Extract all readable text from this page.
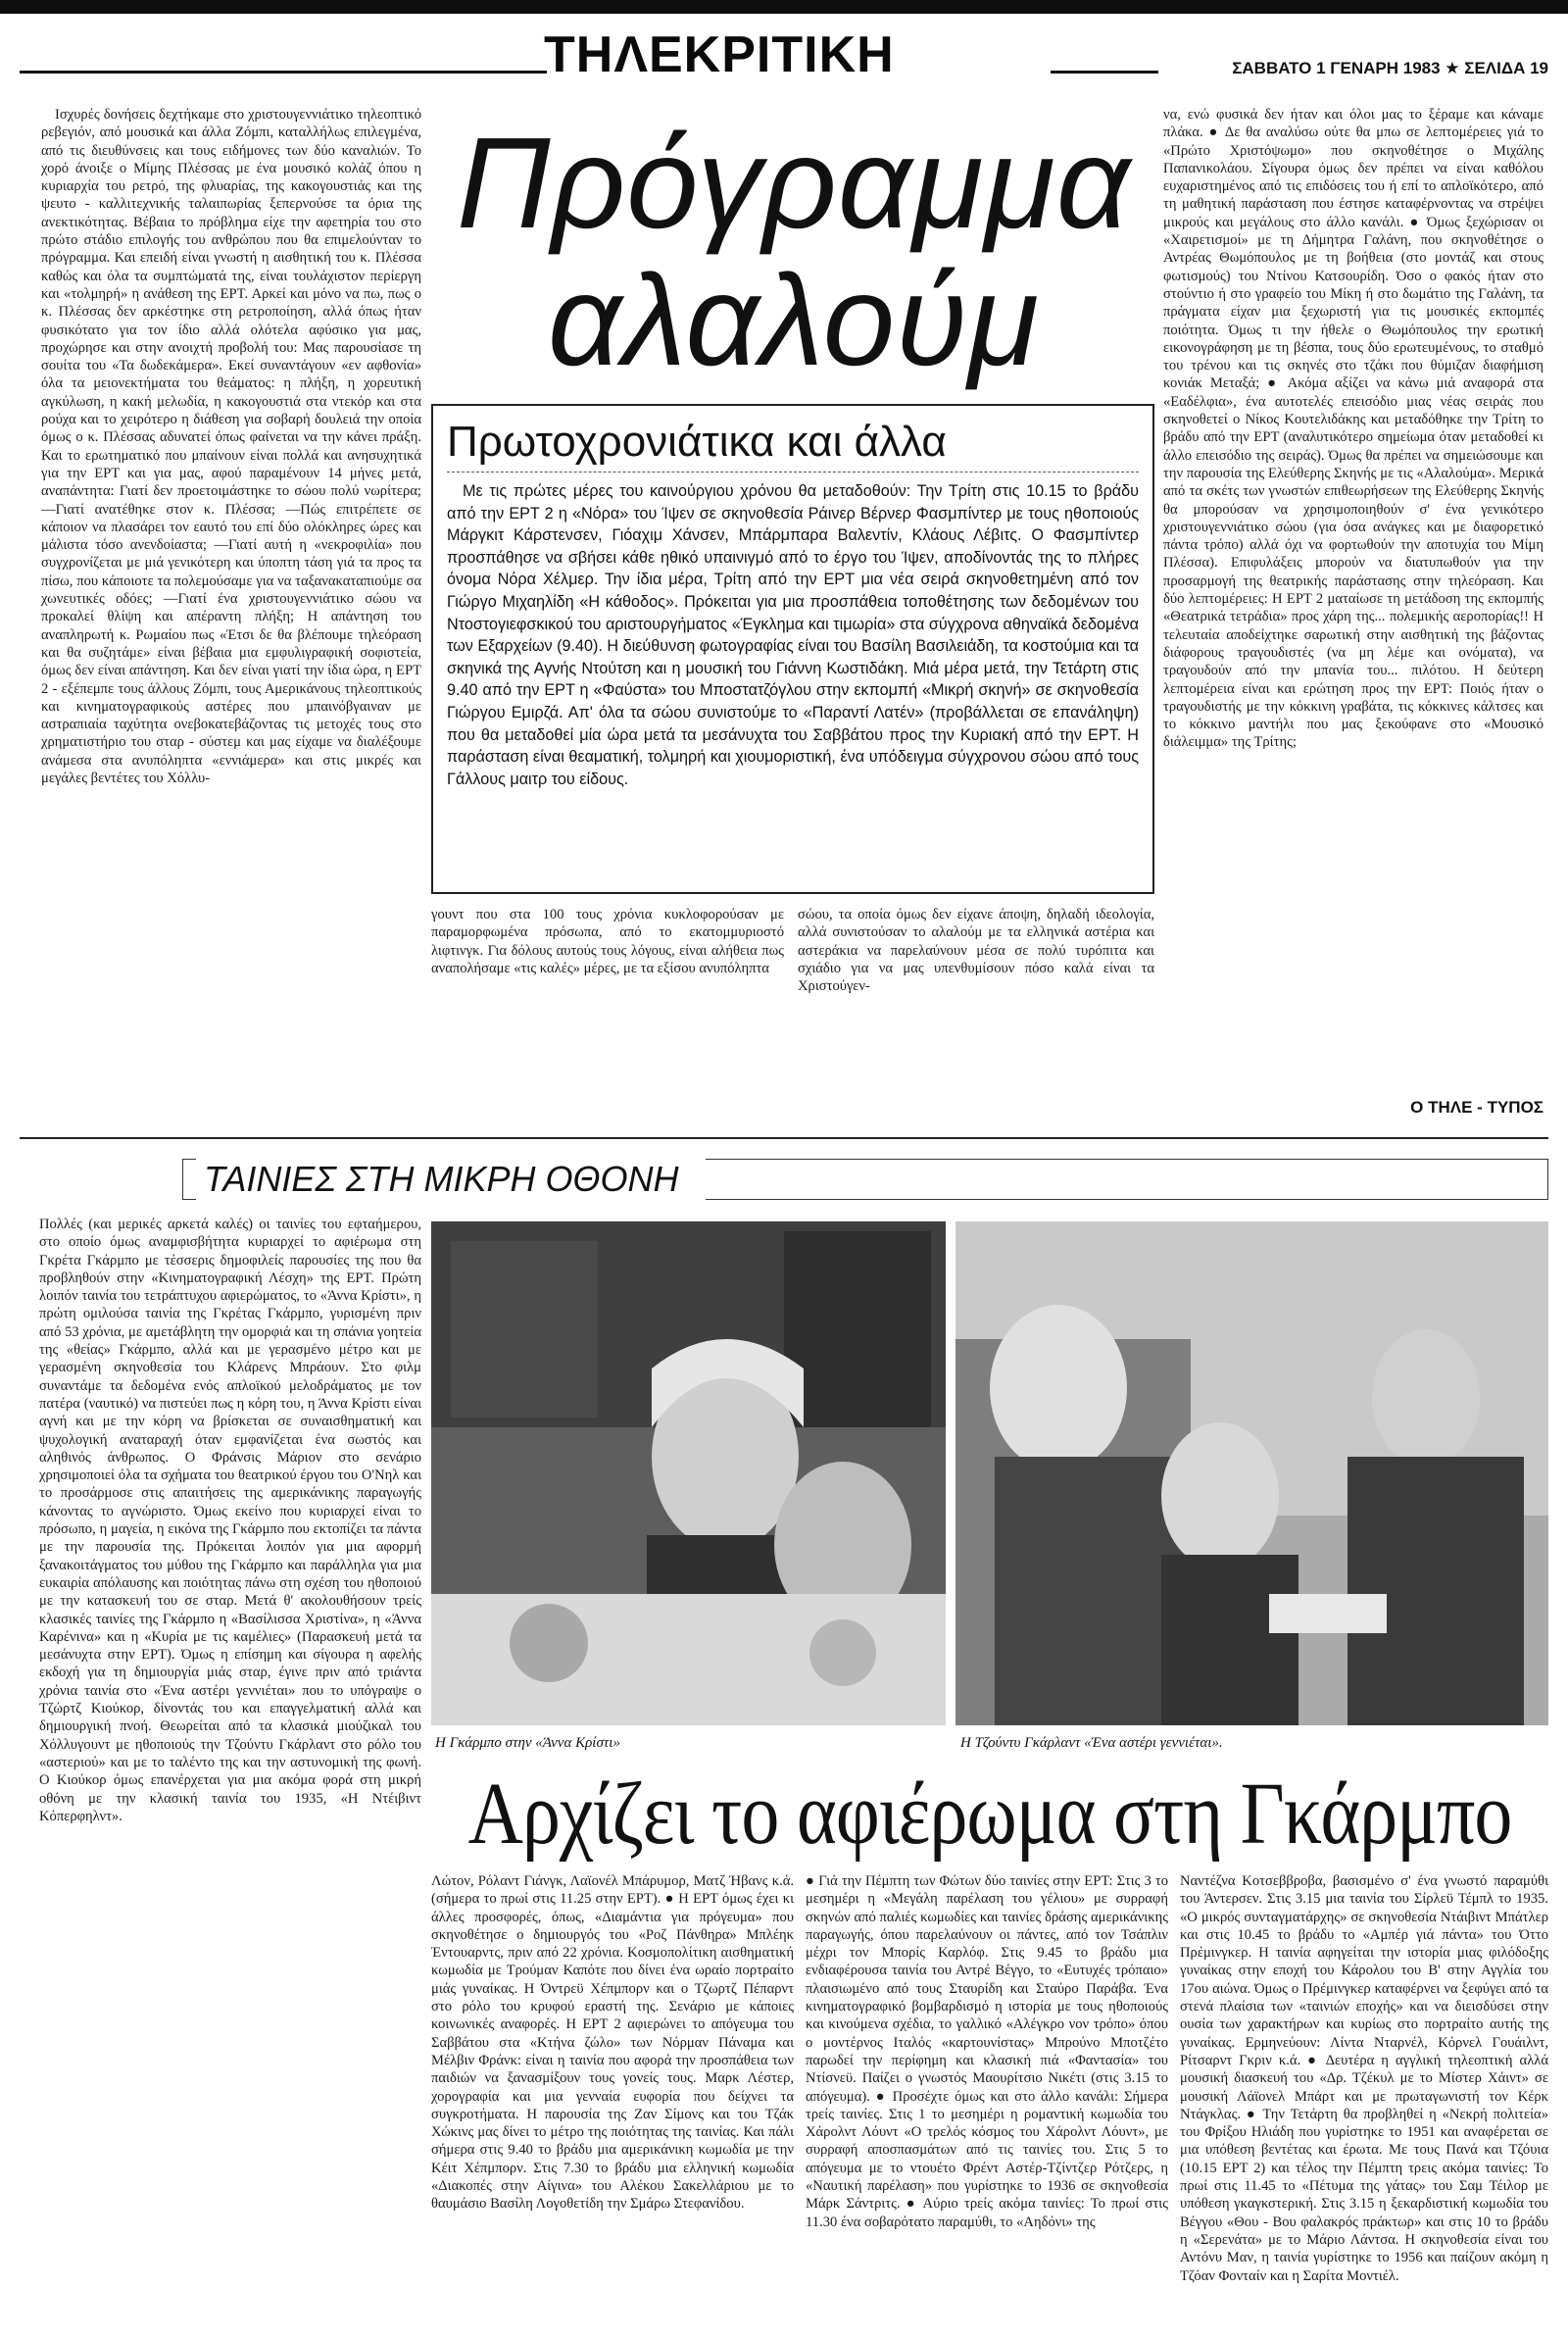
ΤΗΛΕΚΡΙΤΙΚΗ	ΣΑΒΒΑΤΟ 1 ΓΕΝΑΡΗ 1983 ★ ΣΕΛΙΔΑ 19
Ισχυρές δονήσεις δεχτήκαμε στο χριστουγεννιάτικο τηλεοπτικό ρεβεγιόν, από μουσικά και άλλα Ζόμπι, καταλλήλως επιλεγμένα, από τις διευθύνσεις και τους ειδήμονες των δύο καναλιών. Το χορό άνοιξε ο Μίμης Πλέσσας με ένα μουσικό κολάζ όπου η κυριαρχία του ρετρό, της φλυαρίας, της κακογουστιάς και της ψευτο - καλλιτεχνικής ταλαιπωρίας ξεπερνούσε τα όρια της ανεκτικότητας. Βέβαια το πρόβλημα είχε την αφετηρία του στο πρώτο στάδιο επιλογής του ανθρώπου που θα επιμελούνταν το πρόγραμμα. Και επειδή είναι γνωστή η αισθητική του κ. Πλέσσα καθώς και όλα τα συμπτώματά της, είναι τουλάχιστον περίεργη και «τολμηρή» η ανάθεση της ΕΡΤ. Αρκεί και μόνο να πω, πως ο κ. Πλέσσας δεν αρκέστηκε στη ρετροποίηση, αλλά όπως ήταν φυσικότατο για τον ίδιο αλλά ολότελα αφύσικο για μας, προχώρησε και στην ανοιχτή προβολή του: Μας παρουσίασε τη σουίτα του «Τα δωδεκάμερα». Εκεί συναντάγουν «εν αφθονία» όλα τα μειονεκτήματα του θεάματος: η πλήξη, η χορευτική αγκύλωση, η κακή μελωδία, η κακογουστιά στα ντεκόρ και στα ρούχα και το χειρότερο η διάθεση για σοβαρή δουλειά την οποία όμως ο κ. Πλέσσας αδυνατεί όπως φαίνεται να την κάνει πράξη. Και το ερωτηματικό που μπαίνουν είναι πολλά και ανησυχητικά για την ΕΡΤ και για μας, αφού παραμένουν 14 μήνες μετά, αναπάντητα: Γιατί δεν προετοιμάστηκε το σώου πολύ νωρίτερα; —Γιατί ανατέθηκε στον κ. Πλέσσα; —Πώς επιτρέπετε σε κάποιον να πλασάρει τον εαυτό του επί δύο ολόκληρες ώρες και μάλιστα τόσο ανενδοίαστα; —Γιατί αυτή η «νεκροφιλία» που συγχρονίζεται με μιά γενικότερη και ύποπτη τάση γιά τα προς τα πίσω, που κάποιοτε τα πολεμούσαμε για να ταξανακαταπιούμε σα χωνευτικές οδόες; —Γιατί ένα χριστουγεννιάτικο σώου να προκαλεί θλίψη και απέραντη πλήξη; Η απάντηση του αναπληρωτή κ. Ρωμαίου πως «Έτσι δε θα βλέπουμε τηλεόραση και θα συζητάμε» είναι βέβαια μια εμφυλιγραφική σοφιστεία, όμως δεν είναι απάντηση. Και δεν είναι γιατί την ίδια ώρα, η ΕΡΤ 2 - εξέπεμπε τους άλλους Ζόμπι, τους Αμερικάνους τηλεοπτικούς και κινηματογραφικούς αστέρες που μπαινόβγαιναν με αστραπιαία ταχύτητα ονεβοκατεβάζοντας τις μετοχές τους στο χρηματιστήριο του σταρ - σύστεμ και μας είχαμε να διαλέξουμε ανάμεσα στα ανυπόληπτα «εννιάμερα» και στις μικρές και μεγάλες βεντέτες του Χόλλυ-
Πρόγραμμα
αλαλούμ
να, ενώ φυσικά δεν ήταν και όλοι μας το ξέραμε και κάναμε πλάκα. ● Δε θα αναλύσω ούτε θα μπω σε λεπτομέρειες γιά το «Πρώτο Χριστόψωμο» που σκηνοθέτησε ο Μιχάλης Παπανικολάου. Σίγουρα όμως δεν πρέπει να είναι καθόλου ευχαριστημένος από τις επιδόσεις του ή επί το απλοϊκότερο, από τη μαθητική παράσταση που έστησε καταφέρνοντας να στρέψει μικρούς και μεγάλους στο άλλο κανάλι. ● Όμως ξεχώρισαν οι «Χαιρετισμοί» με τη Δήμητρα Γαλάνη, που σκηνοθέτησε ο Αντρέας Θωμόπουλος με τη βοήθεια (στο μοντάζ και στους φωτισμούς) του Ντίνου Κατσουρίδη. Όσο ο φακός ήταν στο στούντιο ή στο γραφείο του Μίκη ή στο δωμάτιο της Γαλάνη, τα πράγματα είχαν μια ξεχωριστή για τις μουσικές εκπομπές ποιότητα. Όμως τι την ήθελε ο Θωμόπουλος την ερωτική εικονογράφηση με τη βέσπα, τους δύο ερωτευμένους, το σταθμό του τρένου και τις σκηνές στο τζάκι που θύμιζαν διαφήμιση κονιάκ Μεταξά; ● Ακόμα αξίζει να κάνω μιά αναφορά στα «Εαδέλφια», ένα αυτοτελές επεισόδιο μιας νέας σειράς που σκηνοθετεί ο Νίκος Κουτελιδάκης και μεταδόθηκε την Τρίτη το βράδυ από την ΕΡΤ (αναλυτικότερο σημείωμα όταν μεταδοθεί κι άλλο επεισόδιο της σειράς). Όμως θα πρέπει να σημειώσουμε και την παρουσία της Ελεύθερης Σκηνής με τις «Αλαλούμα». Μερικά από τα σκέτς των γνωστών επιθεωρήσεων της Ελεύθερης Σκηνής θα μπορούσαν να χρησιμοποιηθούν σ' ένα γενικότερο χριστουγεννιάτικο σώου (για όσα ανάγκες και με διαφορετικό πάντα τρόπο) αλλά όχι να φορτωθούν την αποτυχία του Μίμη Πλέσσα). Επιφυλάξεις μπορούν να διατυπωθούν για την προσαρμογή της θεατρικής παράστασης στην τηλεόραση. Και δύο λεπτομέρειες: Η ΕΡΤ 2 ματαίωσε τη μετάδοση της εκπομπής «Θεατρικά τετράδια» προς χάρη της... πολεμικής αεροπορίας!! Η τελευταία αποδείχτηκε σαρωτική στην αισθητική της βάζοντας διάφορους τραγουδιστές (να μη λέμε και ονόματα), να τραγουδούν από την μπανία του... πιλότου. Η δεύτερη λεπτομέρεια είναι και ερώτηση προς την ΕΡΤ: Ποιός ήταν ο τραγουδιστής με την κόκκινη γραβάτα, τις κόκκινες κάλτσες και το κόκκινο μαντήλι που μας ξεκούφανε στο «Μουσικό διάλειμμα» της Τρίτης;
Ο ΤΗΛΕ - ΤΥΠΟΣ
Πρωτοχρονιάτικα και άλλα
Με τις πρώτες μέρες του καινούργιου χρόνου θα μεταδοθούν: Την Τρίτη στις 10.15 το βράδυ από την ΕΡΤ 2 η «Νόρα» του Ίψεν σε σκηνοθεσία Ράινερ Βέρνερ Φασμπίντερ με τους ηθοποιούς Μάργκιτ Κάρστενσεν, Γιόαχιμ Χάνσεν, Μπάρμπαρα Βαλεντίν, Κλάους Λέβιτς. Ο Φασμπίντερ προσπάθησε να σβήσει κάθε ηθικό υπαινιγμό από το έργο του Ίψεν, αποδίνοντάς της το πλήρες όνομα Νόρα Χέλμερ. Την ίδια μέρα, Τρίτη από την ΕΡΤ μια νέα σειρά σκηνοθετημένη από τον Γιώργο Μιχαηλίδη «Η κάθοδος». Πρόκειται για μια προσπάθεια τοποθέτησης των δεδομένων του Ντοστογιεφσκικού του αριστουργήματος «Έγκλημα και τιμωρία» στα σύγχρονα αθηναϊκά δεδομένα των Εξαρχείων (9.40). Η διεύθυνση φωτογραφίας είναι του Βασίλη Βασιλειάδη, τα κοστούμια και τα σκηνικά της Αγνής Ντούτση και η μουσική του Γιάννη Κωστιδάκη. Μιά μέρα μετά, την Τετάρτη στις 9.40 από την ΕΡΤ η «Φαύστα» του Μποστατζόγλου στην εκπομπή «Μικρή σκηνή» σε σκηνοθεσία Γιώργου Εμιρζά. Απ' όλα τα σώου συνιστούμε το «Παραντί Λατέν» (προβάλλεται σε επανάληψη) που θα μεταδοθεί μία ώρα μετά τα μεσάνυχτα του Σαββάτου προς την Κυριακή από την ΕΡΤ. Η παράσταση είναι θεαματική, τολμηρή και χιουμοριστική, ένα υπόδειγμα σύγχρονου σώου από τους Γάλλους μαιτρ του είδους.
γουντ που στα 100 τους χρόνια κυκλοφορούσαν με παραμορφωμένα πρόσωπα, από το εκατομμυριοστό λιφτινγκ. Για δόλους αυτούς τους λόγους, είναι αλήθεια πως αναπολήσαμε «τις καλές» μέρες, με τα εξίσου ανυπόληπτα
σώου, τα οποία όμως δεν είχανε άποψη, δηλαδή ιδεολογία, αλλά συνιστούσαν το αλαλούμ με τα ελληνικά αστέρια και αστεράκια να παρελαύνουν μέσα σε πολύ τυρόπιτα και σχιάδιο για να μας υπενθυμίσουν πόσο καλά είναι τα Χριστούγεν-
ΤΑΙΝΙΕΣ ΣΤΗ ΜΙΚΡΗ ΟΘΟΝΗ
Πολλές (και μερικές αρκετά καλές) οι ταινίες του εφταήμερου, στο οποίο όμως αναμφισβήτητα κυριαρχεί το αφιέρωμα στη Γκρέτα Γκάρμπο με τέσσερις δημοφιλείς παρουσίες της που θα προβληθούν στην «Κινηματογραφική Λέσχη» της ΕΡΤ. Πρώτη λοιπόν ταινία του τετράπτυχου αφιερώματος, το «Άννα Κρίστι», η πρώτη ομιλούσα ταινία της Γκρέτας Γκάρμπο, γυρισμένη πριν από 53 χρόνια, με αμετάβλητη την ομορφιά και τη σπάνια γοητεία της «θείας» Γκάρμπο, αλλά και με γερασμένο μέτρο και με γερασμένη σκηνοθεσία του Κλάρενς Μπράουν. Στο φιλμ συναντάμε τα δεδομένα ενός απλοϊκού μελοδράματος με τον πατέρα (ναυτικό) να πιστεύει πως η κόρη του, η Άννα Κρίστι είναι αγνή και με την κόρη να βρίσκεται σε συναισθηματική και ψυχολογική αναταραχή όταν εμφανίζεται ένα σωστός και αληθινός άνθρωπος. Ο Φράνσις Μάριον στο σενάριο χρησιμοποιεί όλα τα σχήματα του θεατρικού έργου του Ο'Νηλ και το προσάρμοσε στις απαιτήσεις της αμερικάνικης παραγωγής κάνοντας το αγνώριστο. Όμως εκείνο που κυριαρχεί είναι το πρόσωπο, η μαγεία, η εικόνα της Γκάρμπο που εκτοπίζει τα πάντα με την παρουσία της. Πρόκειται λοιπόν για μια αφορμή ξανακοιτάγματος του μύθου της Γκάρμπο και παράλληλα για μια ευκαιρία απόλαυσης και ποιότητας πάνω στη σχέση του ηθοποιού με την κατασκευή του σε σταρ. Μετά θ' ακολουθήσουν τρείς κλασικές ταινίες της Γκάρμπο η «Βασίλισσα Χριστίνα», η «Άννα Καρένινα» και η «Κυρία με τις καμέλιες» (Παρασκευή μετά τα μεσάνυχτα στην ΕΡΤ). Όμως η επίσημη και σίγουρα η αφελής εκδοχή για τη δημιουργία μιάς σταρ, έγινε πριν από τριάντα χρόνια ταινία στο «Ένα αστέρι γεννιέται» που το υπόγραψε ο Τζώρτζ Κιούκορ, δίνοντάς του και επαγγελματική αλλά και δημιουργική πνοή. Θεωρείται από τα κλασικά μιούζικαλ του Χόλλυγουντ με ηθοποιούς την Τζούντυ Γκάρλαντ στο ρόλο του «αστεριού» και με το ταλέντο της και την αστυνομική της φωνή. Ο Κιούκορ όμως επανέρχεται για μια ακόμα φορά στη μικρή οθόνη με την κλασική ταινία του 1935, «Η Ντέιβιντ Κόπερφηλντ».
Η Γκάρμπο στην «Άννα Κρίστι»	Η Τζούντυ Γκάρλαντ «Ένα αστέρι γεννιέται».
Αρχίζει το αφιέρωμα στη Γκάρμπο
Λώτον, Ρόλαντ Γιάνγκ, Λαϊονέλ Μπάρυμορ, Ματζ Ήβανς κ.ά. (σήμερα το πρωί στις 11.25 στην ΕΡΤ). ● Η ΕΡΤ όμως έχει κι άλλες προσφορές, όπως, «Διαμάντια για πρόγευμα» που σκηνοθέτησε ο δημιουργός του «Ροζ Πάνθηρα» Μπλέηκ Έντουαρντς, πριν από 22 χρόνια. Κοσμοπολίτικη αισθηματική κωμωδία με Τρούμαν Καπότε που δίνει ένα ωραίο πορτραίτο μιάς γυναίκας. Η Όντρεϋ Χέπμπορν και ο Τζωρτζ Πέπαρντ στο ρόλο του κρυφού εραστή της. Σενάριο με κάποιες κοινωνικές αναφορές. Η ΕΡΤ 2 αφιερώνει το απόγευμα του Σαββάτου στα «Κτήνα ζώλο» των Νόρμαν Πάναμα και Μέλβιν Φράνκ: είναι η ταινία που αφορά την προσπάθεια των παιδιών να ξανασμίξουν τους γονείς τους. Μαρκ Λέστερ, χορογραφία και μια γενναία ευφορία που δείχνει τα συγκροτήματα. Η παρουσία της Ζαν Σίμονς και του Τζάκ Χώκινς μας δίνει το μέτρο της ποιότητας της ταινίας. Και πάλι σήμερα στις 9.40 το βράδυ μια αμερικάνικη κωμωδία με την Κέιτ Χέπμπορν. Στις 7.30 το βράδυ μια ελληνική κωμωδία «Διακοπές στην Αίγινα» του Αλέκου Σακελλάριου με το θαυμάσιο Βασίλη Λογοθετίδη την Σμάρω Στεφανίδου.
● Γιά την Πέμπτη των Φώτων δύο ταινίες στην ΕΡΤ: Στις 3 το μεσημέρι η «Μεγάλη παρέλαση του γέλιου» με συρραφή σκηνών από παλιές κωμωδίες και ταινίες δράσης αμερικάνικης παραγωγής, όπου παρελαύνουν οι πάντες, από τον Τσάπλιν μέχρι τον Μπορίς Καρλόφ. Στις 9.45 το βράδυ μια ενδιαφέρουσα ταινία του Αντρέ Βέγγο, το «Ευτυχές τρόπαιο» πλαισιωμένο από τους Σταυρίδη και Σταύρο Παράβα. Ένα κινηματογραφικό βομβαρδισμό η ιστορία με τους ηθοποιούς και κινούμενα σχέδια, το γαλλικό «Αλέγκρο νον τρόπο» όπου ο μοντέρνος Ιταλός «καρτουνίστας» Μπρούνο Μποτζέτο παρωδεί την περίφημη και κλασική πιά «Φαντασία» του Ντίσνεϋ. Παίζει ο γνωστός Μαουρίτσιο Νικέτι (στις 3.15 το απόγευμα). ● Προσέχτε όμως και στο άλλο κανάλι: Σήμερα τρείς ταινίες. Στις 1 το μεσημέρι η ρομαντική κωμωδία του Χάρολντ Λόυντ «Ο τρελός κόσμος του Χάρολντ Λόυντ», με συρραφή αποσπασμάτων από τις ταινίες του. Στις 5 το απόγευμα με το ντουέτο Φρέντ Αστέρ-Τζίντζερ Ρότζερς, η «Ναυτική παρέλαση» που γυρίστηκε το 1936 σε σκηνοθεσία Μάρκ Σάντριτς. ● Αύριο τρείς ακόμα ταινίες: Το πρωί στις 11.30 ένα σοβαρότατο παραμύθι, το «Αηδόνι» της
Ναντέζνα Κοτσεββροβα, βασισμένο σ' ένα γνωστό παραμύθι του Άντερσεν. Στις 3.15 μια ταινία του Σίρλεϋ Τέμπλ το 1935. «Ο μικρός συνταγματάρχης» σε σκηνοθεσία Ντάιβιντ Μπάτλερ και στις 10.45 το βράδυ το «Αμπέρ γιά πάντα» του Όττο Πρέμινγκερ. Η ταινία αφηγείται την ιστορία μιας φιλόδοξης γυναίκας στην εποχή του Κάρολου του Β' στην Αγγλία του 17ου αιώνα. Όμως ο Πρέμινγκερ καταφέρνει να ξεφύγει από τα στενά πλαίσια των «ταινιών εποχής» και να διεισδύσει στην ουσία των χαρακτήρων και κυρίως στο πορτραίτο αυτής της γυναίκας. Ερμηνεύουν: Λίντα Νταρνέλ, Κόρνελ Γουάιλντ, Ρίτσαρντ Γκριν κ.ά. ● Δευτέρα η αγγλική τηλεοπτική αλλά μουσική διασκευή του «Δρ. Τζέκυλ με το Μίστερ Χάιντ» σε μουσική Λάϊονελ Μπάρτ και με πρωταγωνιστή τον Κέρκ Ντάγκλας. ● Την Τετάρτη θα προβληθεί η «Νεκρή πολιτεία» του Φρίξου Ηλιάδη που γυρίστηκε το 1951 και αναφέρεται σε μια υπόθεση βεντέτας και έρωτα. Με τους Πανά και Τζόυια (10.15 ΕΡΤ 2) και τέλος την Πέμπτη τρεις ακόμα ταινίες: Το πρωί στις 11.45 το «Πέτυμα της γάτας» του Σαμ Τέιλορ με υπόθεση γκαγκστερική. Στις 3.15 η ξεκαρδιστική κωμωδία του Βέγγου «Θου - Βου φαλακρός πράκτωρ» και στις 10 το βράδυ η «Σερενάτα» με το Μάριο Λάντσα. Η σκηνοθεσία είναι του Αντόνυ Μαν, η ταινία γυρίστηκε το 1956 και παίζουν ακόμη η Τζόαν Φονταίν και η Σαρίτα Μοντιέλ.
